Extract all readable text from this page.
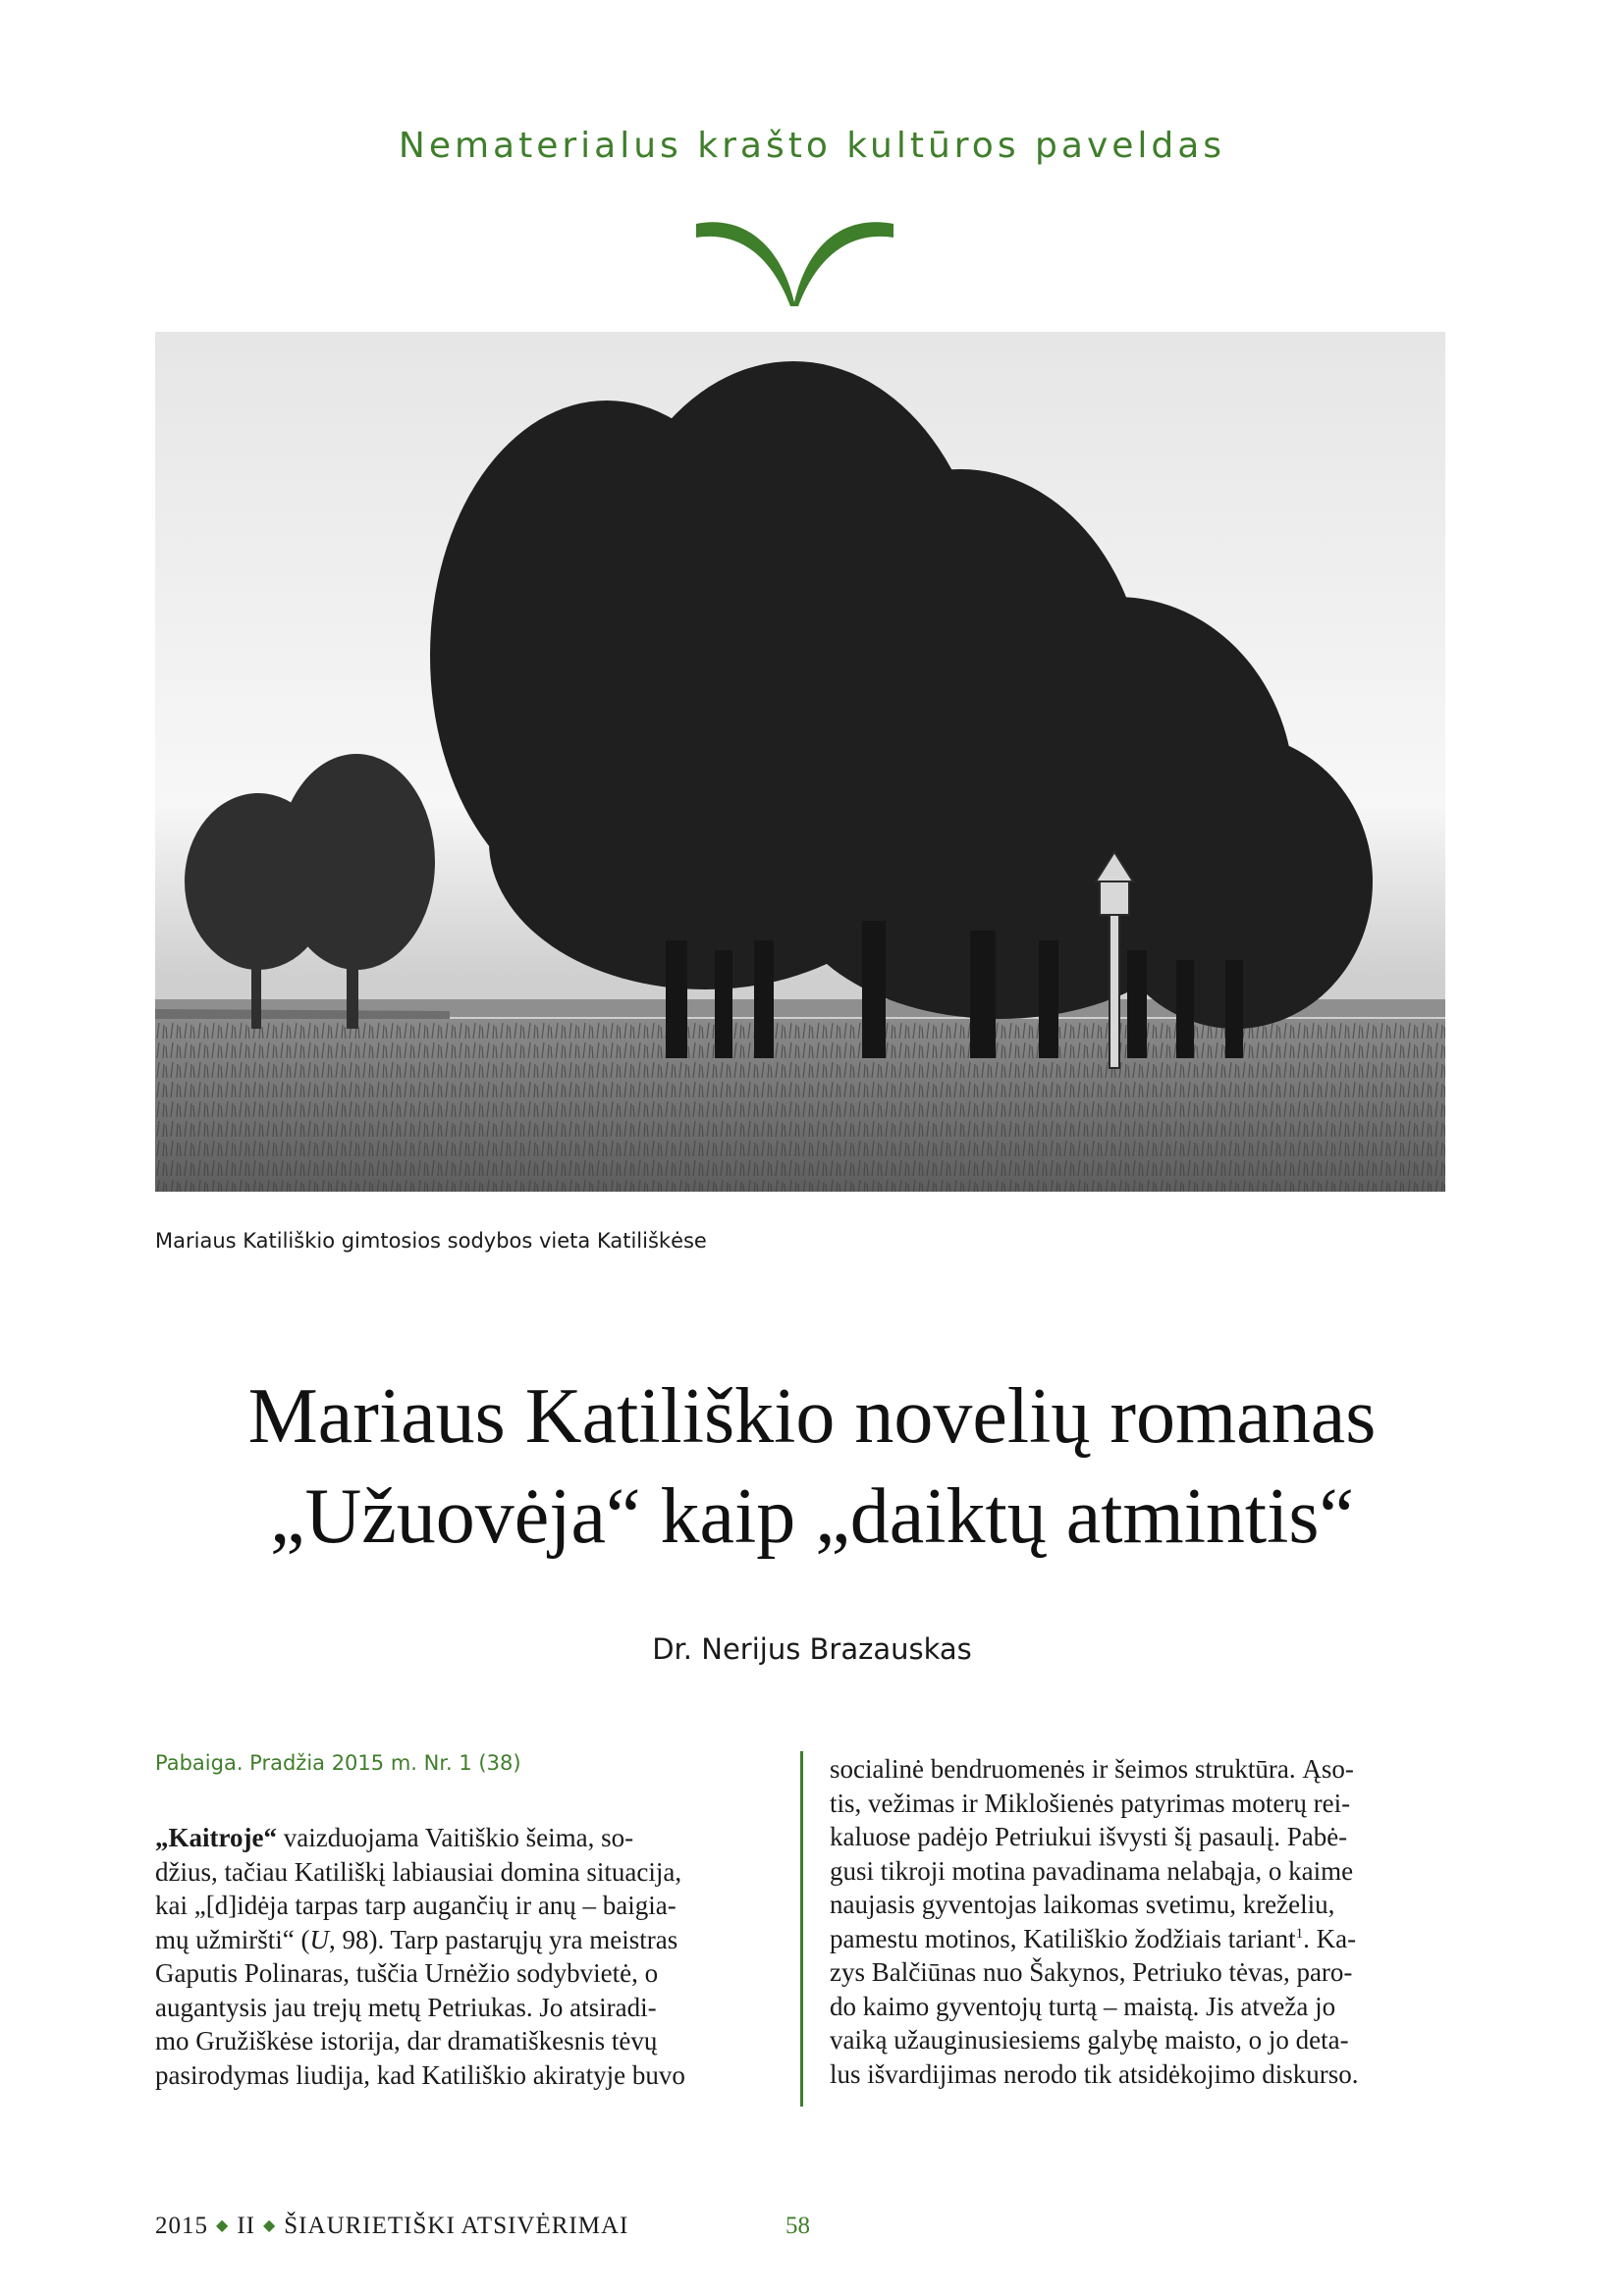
Nematerialus krašto kultūros paveldas
Mariaus Katiliškio gimtosios sodybos vieta Katiliškėse
Mariaus Katiliškio novelių romanas
„Užuovėja“ kaip „daiktų atmintis“
Dr. Nerijus Brazauskas
Pabaiga. Pradžia 2015 m. Nr. 1 (38)
„Kaitroje“ vaizduojama Vaitiškio šeima, so-
džius, tačiau Katiliškį labiausiai domina situacija,
kai „[d]idėja tarpas tarp augančių ir anų – baigia-
mų užmiršti“ (U, 98). Tarp pastarųjų yra meistras
Gaputis Polinaras, tuščia Urnėžio sodybvietė, o
augantysis jau trejų metų Petriukas. Jo atsiradi-
mo Gružiškėse istorija, dar dramatiškesnis tėvų
pasirodymas liudija, kad Katiliškio akiratyje buvo
socialinė bendruomenės ir šeimos struktūra. Ąso-
tis, vežimas ir Miklošienės patyrimas moterų rei-
kaluose padėjo Petriukui išvysti šį pasaulį. Pabė-
gusi tikroji motina pavadinama nelabąja, o kaime
naujasis gyventojas laikomas svetimu, kreželiu,
pamestu motinos, Katiliškio žodžiais tariant$^1$. Ka-
zys Balčiūnas nuo Šakynos, Petriuko tėvas, paro-
do kaimo gyventojų turtą – maistą. Jis atveža jo
vaiką užauginusiesiems galybę maisto, o jo deta-
lus išvardijimas nerodo tik atsidėkojimo diskurso.
2015 ◆ II ◆ ŠIAURIETIŠKI ATSIVĖRIMAI	58
